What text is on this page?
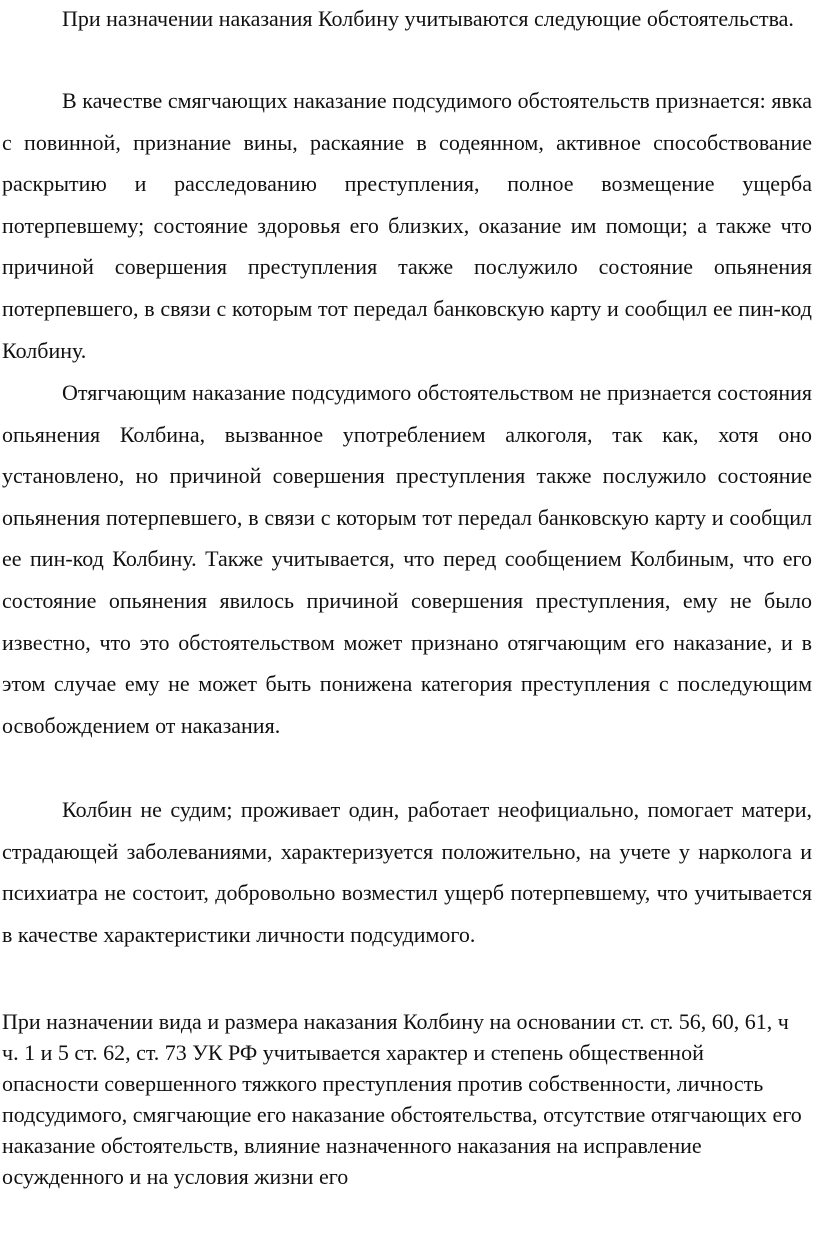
При назначении наказания Колбину учитываются следующие обстоятельства.

В качестве смягчающих наказание подсудимого обстоятельств признается: явка с повинной, признание вины, раскаяние в содеянном, активное способствование раскрытию и расследованию преступления, полное возмещение ущерба потерпевшему; состояние здоровья его близких, оказание им помощи; а также что причиной совершения преступления также послужило состояние опьянения потерпевшего, в связи с которым тот передал банковскую карту и сообщил ее пин-код Колбину.

Отягчающим наказание подсудимого обстоятельством не признается состояния опьянения Колбина, вызванное употреблением алкоголя, так как, хотя оно установлено, но причиной совершения преступления также послужило состояние опьянения потерпевшего, в связи с которым тот передал банковскую карту и сообщил ее пин-код Колбину. Также учитывается, что перед сообщением Колбиным, что его состояние опьянения явилось причиной совершения преступления, ему не было известно, что это обстоятельством может признано отягчающим его наказание, и в этом случае ему не может быть понижена категория преступления с последующим освобождением от наказания.

Колбин не судим; проживает один, работает неофициально, помогает матери, страдающей заболеваниями, характеризуется положительно, на учете у нарколога и психиатра не состоит, добровольно возместил ущерб потерпевшему, что учитывается в качестве характеристики личности подсудимого.

При назначении вида и размера наказания Колбину на основании ст. ст. 56, 60, 61, ч ч. 1 и 5 ст. 62, ст. 73 УК РФ учитывается характер и степень общественной опасности совершенного тяжкого преступления против собственности, личность подсудимого, смягчающие его наказание обстоятельства, отсутствие отягчающих его наказание обстоятельств, влияние назначенного наказания на исправление осужденного и на условия жизни его
